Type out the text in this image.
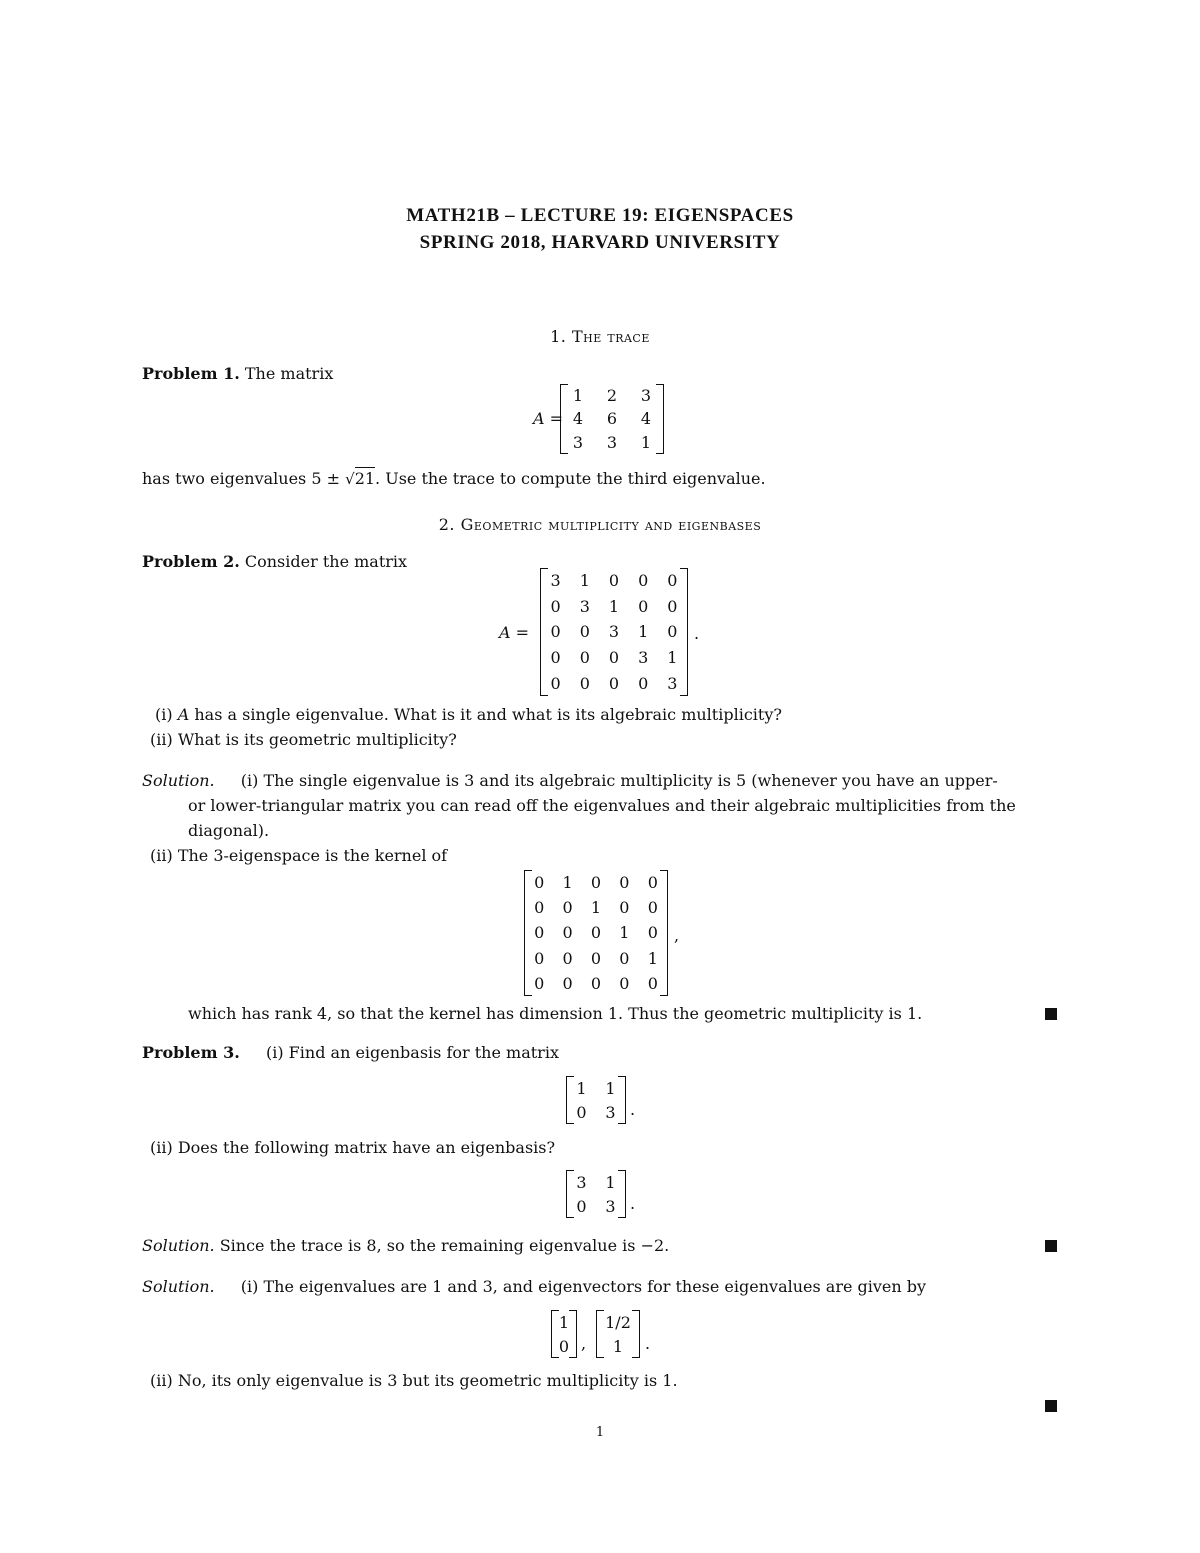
MATH21B – LECTURE 19: EIGENSPACES
SPRING 2018, HARVARD UNIVERSITY
1. The trace
Problem 1. The matrix
A =
1	2	3
4	6	4
3	3	1
has two eigenvalues 5 ± √21. Use the trace to compute the third eigenvalue.
2. Geometric multiplicity and eigenbases
Problem 2. Consider the matrix
A =
3	1	0	0	0
0	3	1	0	0
0	0	3	1	0
0	0	0	3	1
0	0	0	0	3
.
(i) A has a single eigenvalue. What is it and what is its algebraic multiplicity?
(ii) What is its geometric multiplicity?
Solution. (i) The single eigenvalue is 3 and its algebraic multiplicity is 5 (whenever you have an upper-
or lower-triangular matrix you can read off the eigenvalues and their algebraic multiplicities from the
diagonal).
(ii) The 3-eigenspace is the kernel of
0	1	0	0	0
0	0	1	0	0
0	0	0	1	0
0	0	0	0	1
0	0	0	0	0
,
which has rank 4, so that the kernel has dimension 1. Thus the geometric multiplicity is 1.
Problem 3. (i) Find an eigenbasis for the matrix
1	1
0	3 .
(ii) Does the following matrix have an eigenbasis?
3	1
0	3 .
Solution. Since the trace is 8, so the remaining eigenvalue is −2.
Solution. (i) The eigenvalues are 1 and 3, and eigenvectors for these eigenvalues are given by
1
0 ,
1/2
1	.
(ii) No, its only eigenvalue is 3 but its geometric multiplicity is 1.
1
